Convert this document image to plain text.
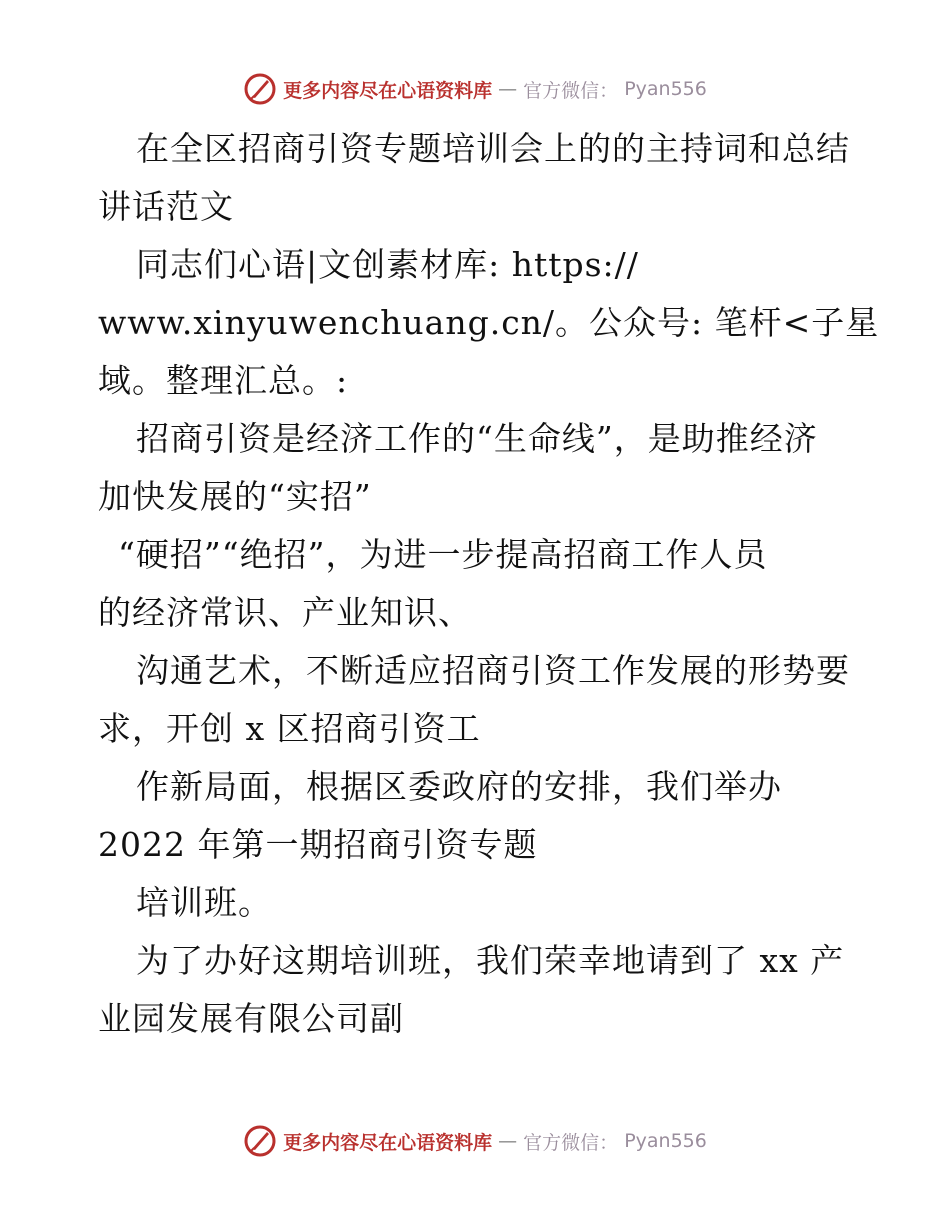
更多内容尽在心语资料库 — 官方微信： Pyan556
在全区招商引资专题培训会上的的主持词和总结
讲话范文
同志们心语|文创素材库: https://
www.xinyuwenchuang.cn/。公众号: 笔杆<子星
域。整理汇总。:
招商引资是经济工作的“生命线”，是助推经济
加快发展的“实招”
“硬招”“绝招”，为进一步提高招商工作人员
的经济常识、产业知识、
沟通艺术，不断适应招商引资工作发展的形势要
求，开创 x 区招商引资工
作新局面，根据区委政府的安排，我们举办
2022 年第一期招商引资专题
培训班。
为了办好这期培训班，我们荣幸地请到了 xx 产
业园发展有限公司副
更多内容尽在心语资料库 — 官方微信： Pyan556
